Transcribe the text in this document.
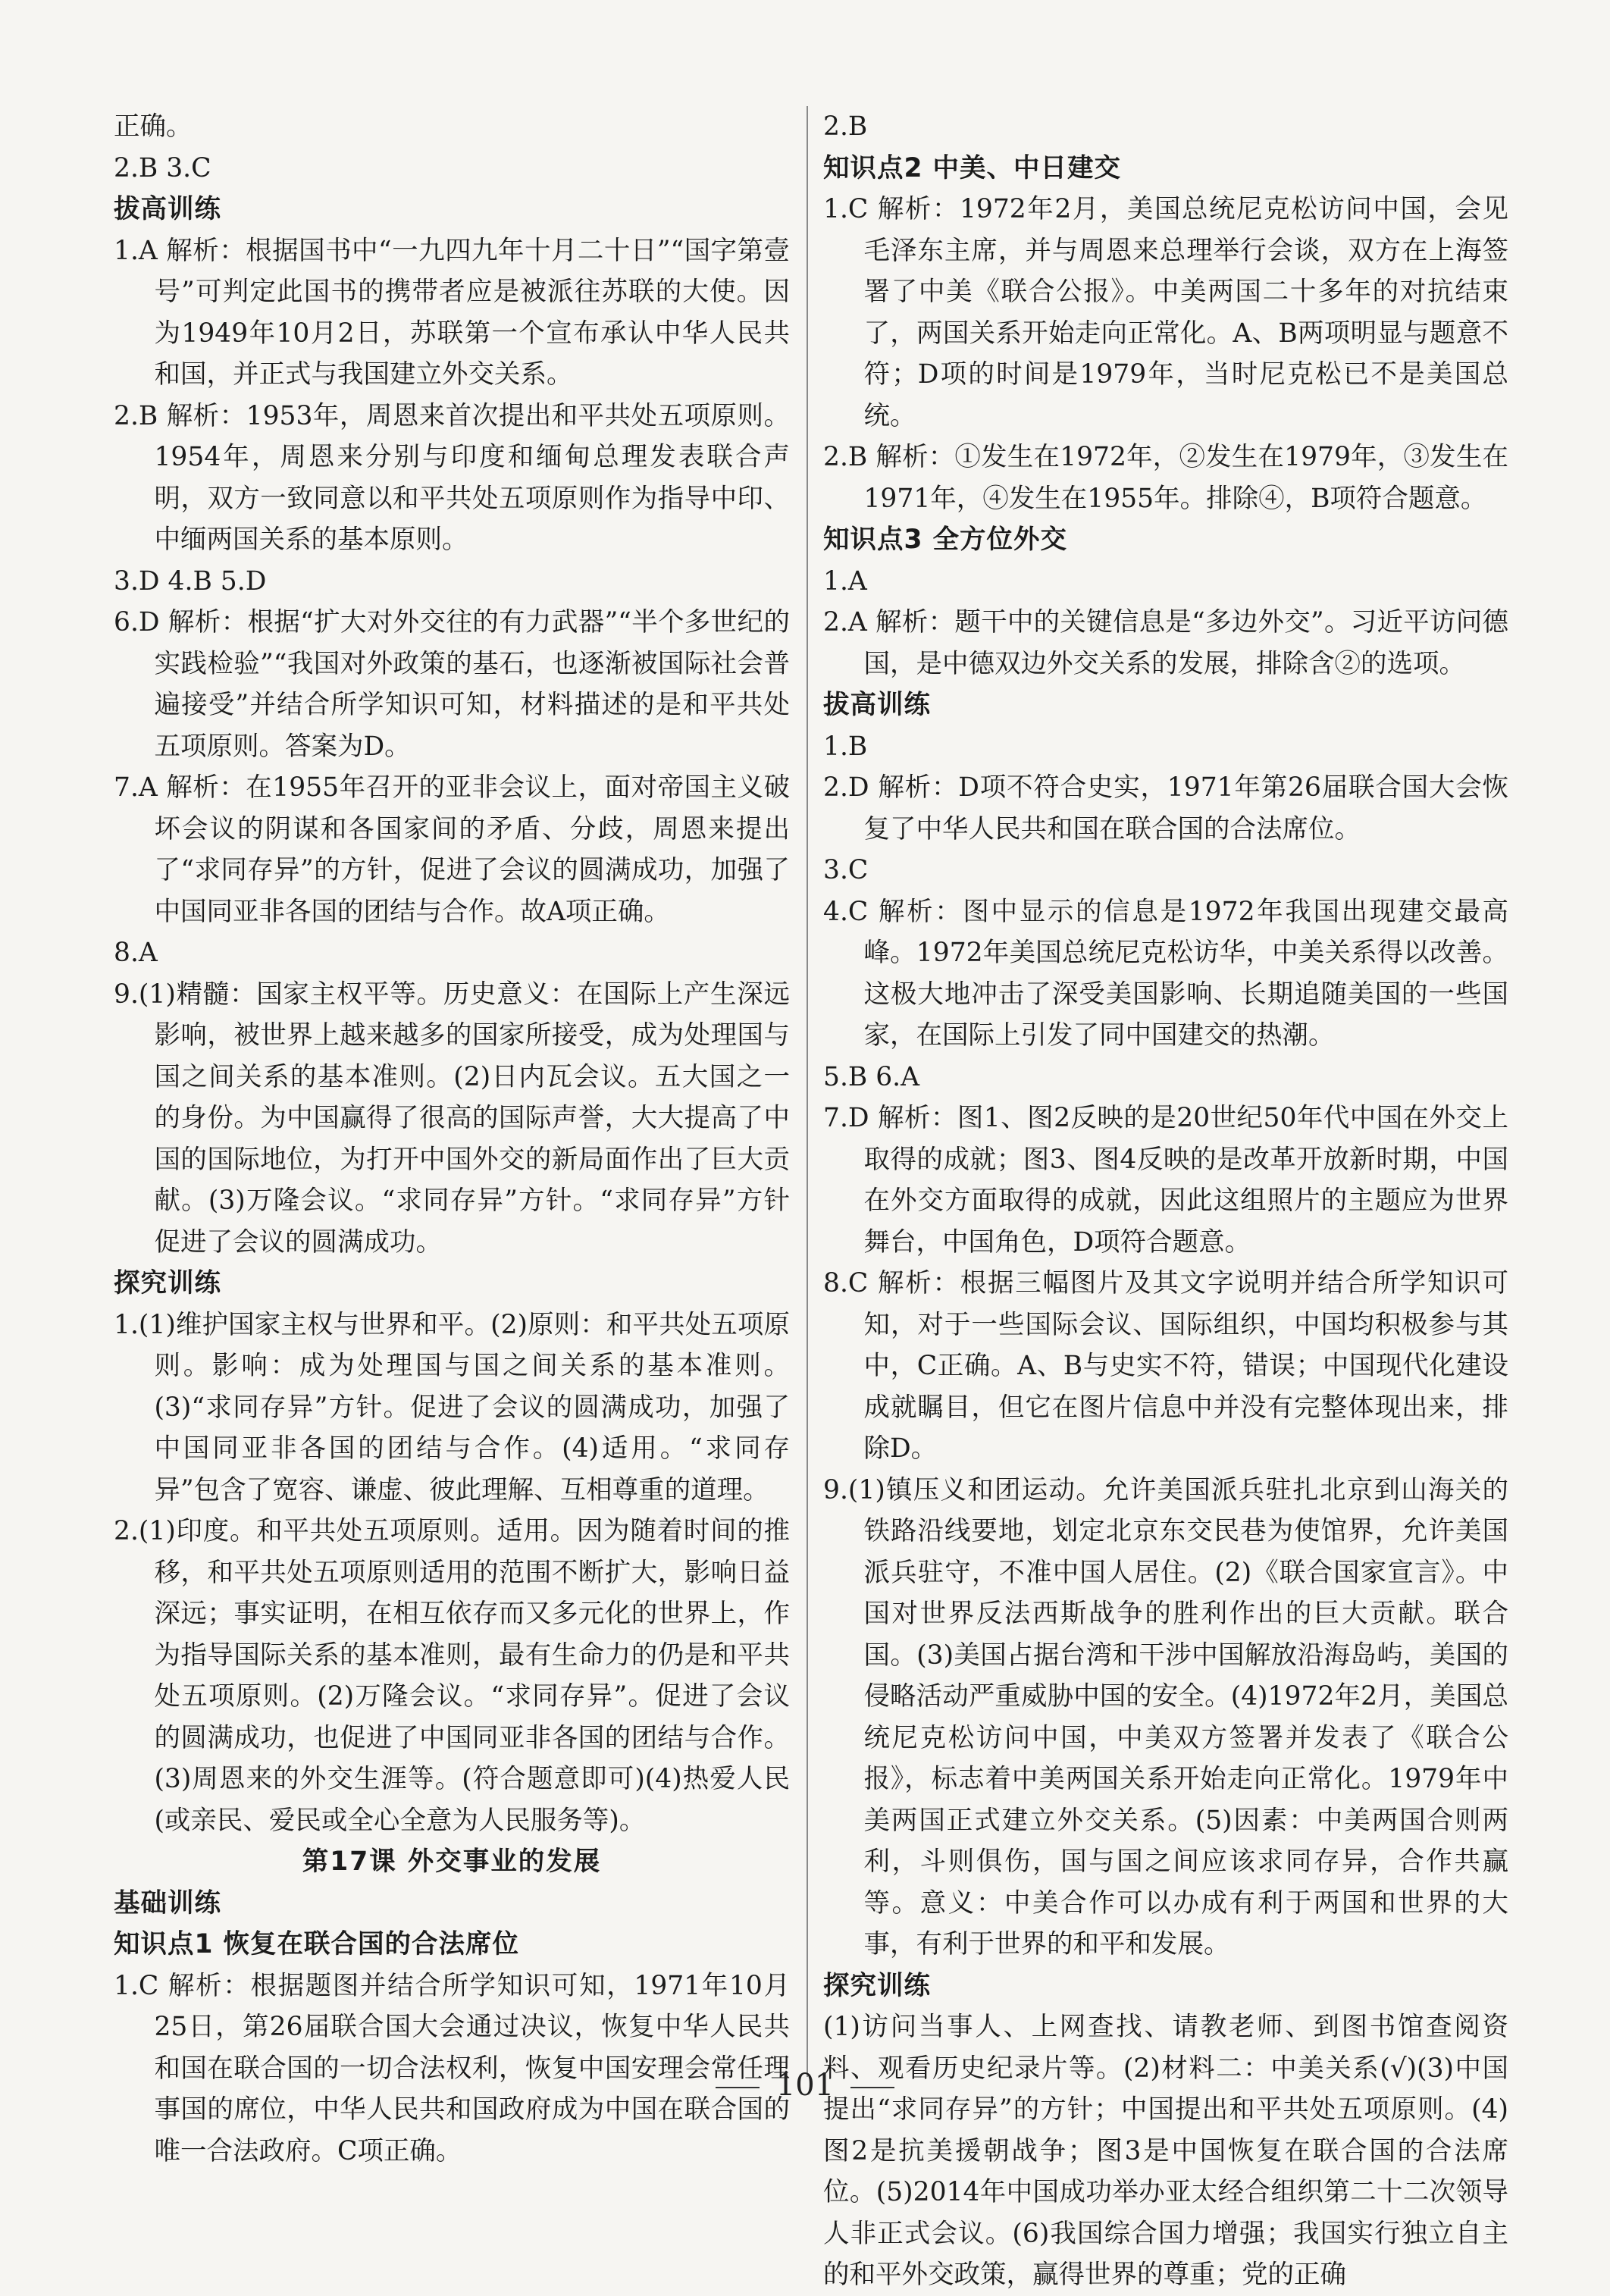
正确。

2.B 3.C

拔高训练

1.A 解析：根据国书中“一九四九年十月二十日”“国字第壹号”可判定此国书的携带者应是被派往苏联的大使。因为1949年10月2日，苏联第一个宣布承认中华人民共和国，并正式与我国建立外交关系。

2.B 解析：1953年，周恩来首次提出和平共处五项原则。1954年，周恩来分别与印度和缅甸总理发表联合声明，双方一致同意以和平共处五项原则作为指导中印、中缅两国关系的基本原则。

3.D 4.B 5.D

6.D 解析：根据“扩大对外交往的有力武器”“半个多世纪的实践检验”“我国对外政策的基石，也逐渐被国际社会普遍接受”并结合所学知识可知，材料描述的是和平共处五项原则。答案为D。

7.A 解析：在1955年召开的亚非会议上，面对帝国主义破坏会议的阴谋和各国家间的矛盾、分歧，周恩来提出了“求同存异”的方针，促进了会议的圆满成功，加强了中国同亚非各国的团结与合作。故A项正确。

8.A

9.(1)精髓：国家主权平等。历史意义：在国际上产生深远影响，被世界上越来越多的国家所接受，成为处理国与国之间关系的基本准则。(2)日内瓦会议。五大国之一的身份。为中国赢得了很高的国际声誉，大大提高了中国的国际地位，为打开中国外交的新局面作出了巨大贡献。(3)万隆会议。“求同存异”方针。“求同存异”方针促进了会议的圆满成功。

探究训练

1.(1)维护国家主权与世界和平。(2)原则：和平共处五项原则。影响：成为处理国与国之间关系的基本准则。(3)“求同存异”方针。促进了会议的圆满成功，加强了中国同亚非各国的团结与合作。(4)适用。“求同存异”包含了宽容、谦虚、彼此理解、互相尊重的道理。

2.(1)印度。和平共处五项原则。适用。因为随着时间的推移，和平共处五项原则适用的范围不断扩大，影响日益深远；事实证明，在相互依存而又多元化的世界上，作为指导国际关系的基本准则，最有生命力的仍是和平共处五项原则。(2)万隆会议。“求同存异”。促进了会议的圆满成功，也促进了中国同亚非各国的团结与合作。(3)周恩来的外交生涯等。(符合题意即可)(4)热爱人民(或亲民、爱民或全心全意为人民服务等)。

第17课 外交事业的发展

基础训练

知识点1 恢复在联合国的合法席位

1.C 解析：根据题图并结合所学知识可知，1971年10月25日，第26届联合国大会通过决议，恢复中华人民共和国在联合国的一切合法权利，恢复中国安理会常任理事国的席位，中华人民共和国政府成为中国在联合国的唯一合法政府。C项正确。

2.B

知识点2 中美、中日建交

1.C 解析：1972年2月，美国总统尼克松访问中国，会见毛泽东主席，并与周恩来总理举行会谈，双方在上海签署了中美《联合公报》。中美两国二十多年的对抗结束了，两国关系开始走向正常化。A、B两项明显与题意不符；D项的时间是1979年，当时尼克松已不是美国总统。

2.B 解析：①发生在1972年，②发生在1979年，③发生在1971年，④发生在1955年。排除④，B项符合题意。

知识点3 全方位外交

1.A

2.A 解析：题干中的关键信息是“多边外交”。习近平访问德国，是中德双边外交关系的发展，排除含②的选项。

拔高训练

1.B

2.D 解析：D项不符合史实，1971年第26届联合国大会恢复了中华人民共和国在联合国的合法席位。

3.C

4.C 解析：图中显示的信息是1972年我国出现建交最高峰。1972年美国总统尼克松访华，中美关系得以改善。这极大地冲击了深受美国影响、长期追随美国的一些国家，在国际上引发了同中国建交的热潮。

5.B 6.A

7.D 解析：图1、图2反映的是20世纪50年代中国在外交上取得的成就；图3、图4反映的是改革开放新时期，中国在外交方面取得的成就，因此这组照片的主题应为世界舞台，中国角色，D项符合题意。

8.C 解析：根据三幅图片及其文字说明并结合所学知识可知，对于一些国际会议、国际组织，中国均积极参与其中，C正确。A、B与史实不符，错误；中国现代化建设成就瞩目，但它在图片信息中并没有完整体现出来，排除D。

9.(1)镇压义和团运动。允许美国派兵驻扎北京到山海关的铁路沿线要地，划定北京东交民巷为使馆界，允许美国派兵驻守，不准中国人居住。(2)《联合国家宣言》。中国对世界反法西斯战争的胜利作出的巨大贡献。联合国。(3)美国占据台湾和干涉中国解放沿海岛屿，美国的侵略活动严重威胁中国的安全。(4)1972年2月，美国总统尼克松访问中国，中美双方签署并发表了《联合公报》，标志着中美两国关系开始走向正常化。1979年中美两国正式建立外交关系。(5)因素：中美两国合则两利，斗则俱伤，国与国之间应该求同存异，合作共赢等。意义：中美合作可以办成有利于两国和世界的大事，有利于世界的和平和发展。

探究训练

(1)访问当事人、上网查找、请教老师、到图书馆查阅资料、观看历史纪录片等。(2)材料二：中美关系(√)(3)中国提出“求同存异”的方针；中国提出和平共处五项原则。(4)图2是抗美援朝战争；图3是中国恢复在联合国的合法席位。(5)2014年中国成功举办亚太经合组织第二十二次领导人非正式会议。(6)我国综合国力增强；我国实行独立自主的和平外交政策，赢得世界的尊重；党的正确

101
